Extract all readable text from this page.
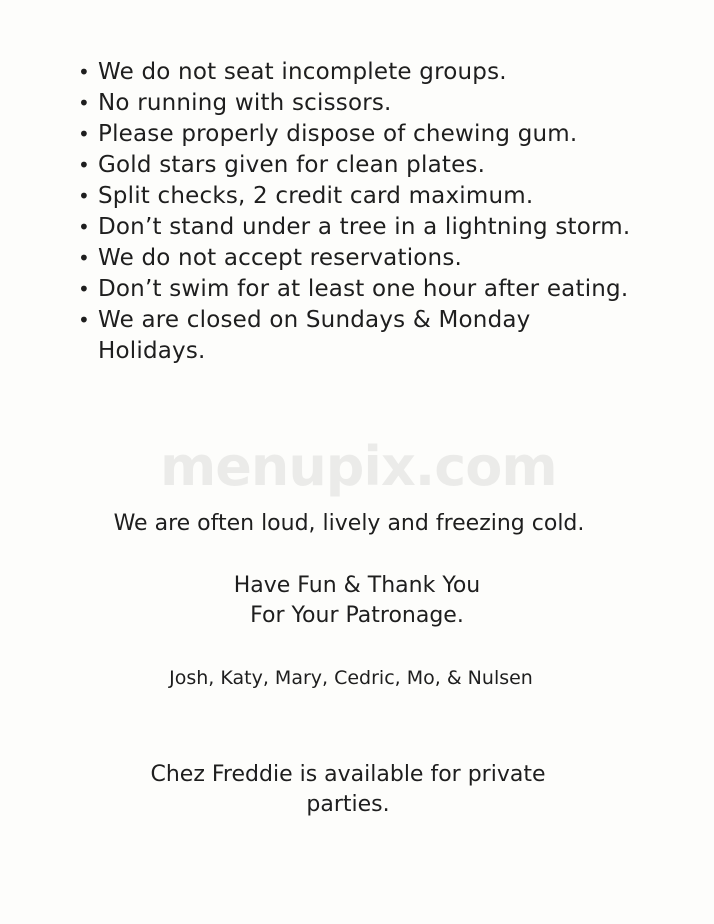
• We do not seat incomplete groups.
• No running with scissors.
• Please properly dispose of chewing gum.
• Gold stars given for clean plates.
• Split checks, 2 credit card maximum.
• Don’t stand under a tree in a lightning storm.
• We do not accept reservations.
• Don’t swim for at least one hour after eating.
• We are closed on Sundays & Monday Holidays.
menupix.com

We are often loud, lively and freezing cold.

Have Fun & Thank You
For Your Patronage.

Josh, Katy, Mary, Cedric, Mo, & Nulsen

Chez Freddie is available for private
parties.
